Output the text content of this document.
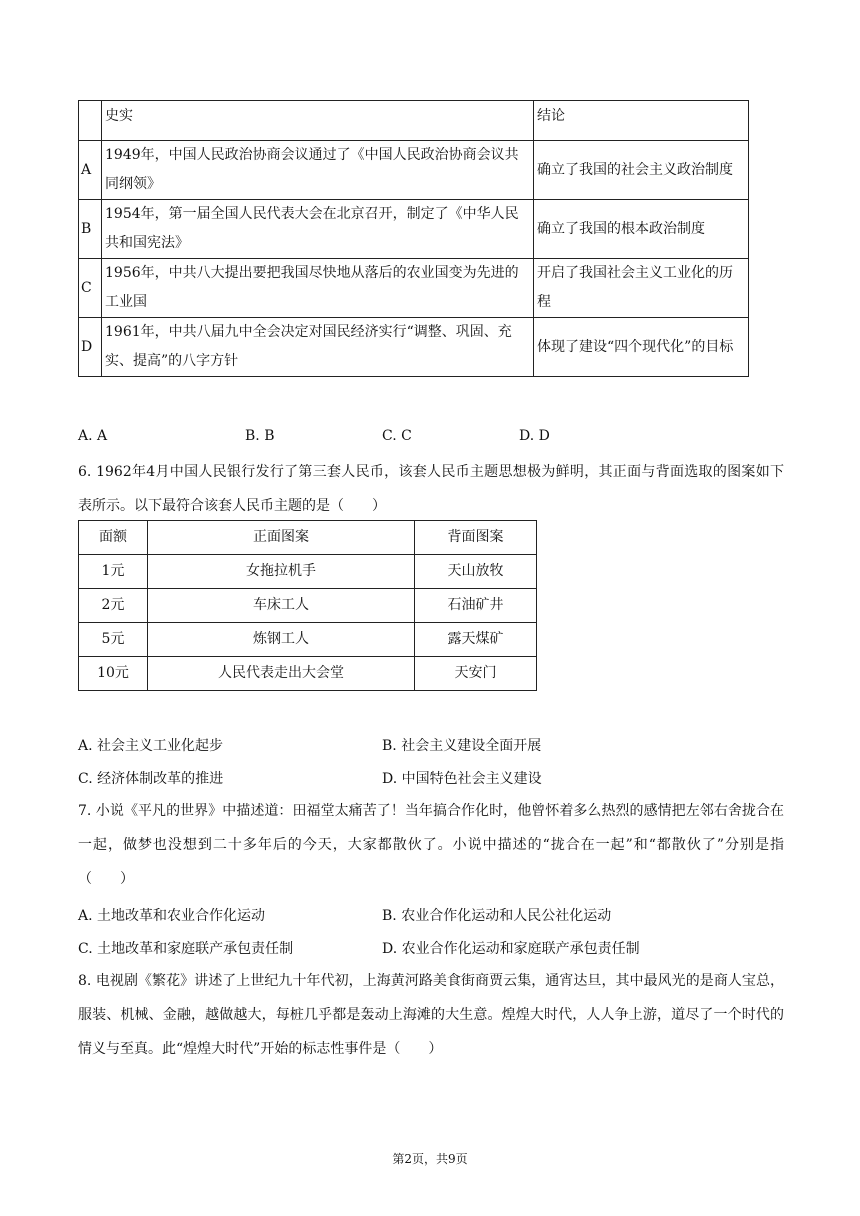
	史实	结论
A	1949年，中国人民政治协商会议通过了《中国人民政治协商会议共同纲领》	确立了我国的社会主义政治制度
B	1954年，第一届全国人民代表大会在北京召开，制定了《中华人民共和国宪法》	确立了我国的根本政治制度
C	1956年，中共八大提出要把我国尽快地从落后的农业国变为先进的工业国	开启了我国社会主义工业化的历程
D	1961年，中共八届九中全会决定对国民经济实行“调整、巩固、充实、提高”的八字方针	体现了建设“四个现代化”的目标
A. A	B. B	C. C	D. D
6. 1962年4月中国人民银行发行了第三套人民币，该套人民币主题思想极为鲜明，其正面与背面选取的图案如下表所示。以下最符合该套人民币主题的是（　　）
面额	正面图案	背面图案
1元	女拖拉机手	天山放牧
2元	车床工人	石油矿井
5元	炼钢工人	露天煤矿
10元	人民代表走出大会堂	天安门
A. 社会主义工业化起步	B. 社会主义建设全面开展
C. 经济体制改革的推进	D. 中国特色社会主义建设
7. 小说《平凡的世界》中描述道：田福堂太痛苦了！当年搞合作化时，他曾怀着多么热烈的感情把左邻右舍拢合在一起，做梦也没想到二十多年后的今天，大家都散伙了。小说中描述的“拢合在一起”和“都散伙了”分别是指（　　）
A. 土地改革和农业合作化运动	B. 农业合作化运动和人民公社化运动
C. 土地改革和家庭联产承包责任制	D. 农业合作化运动和家庭联产承包责任制
8. 电视剧《繁花》讲述了上世纪九十年代初，上海黄河路美食街商贾云集，通宵达旦，其中最风光的是商人宝总，服装、机械、金融，越做越大，每桩几乎都是轰动上海滩的大生意。煌煌大时代，人人争上游，道尽了一个时代的情义与至真。此“煌煌大时代”开始的标志性事件是（　　）
第2页，共9页
